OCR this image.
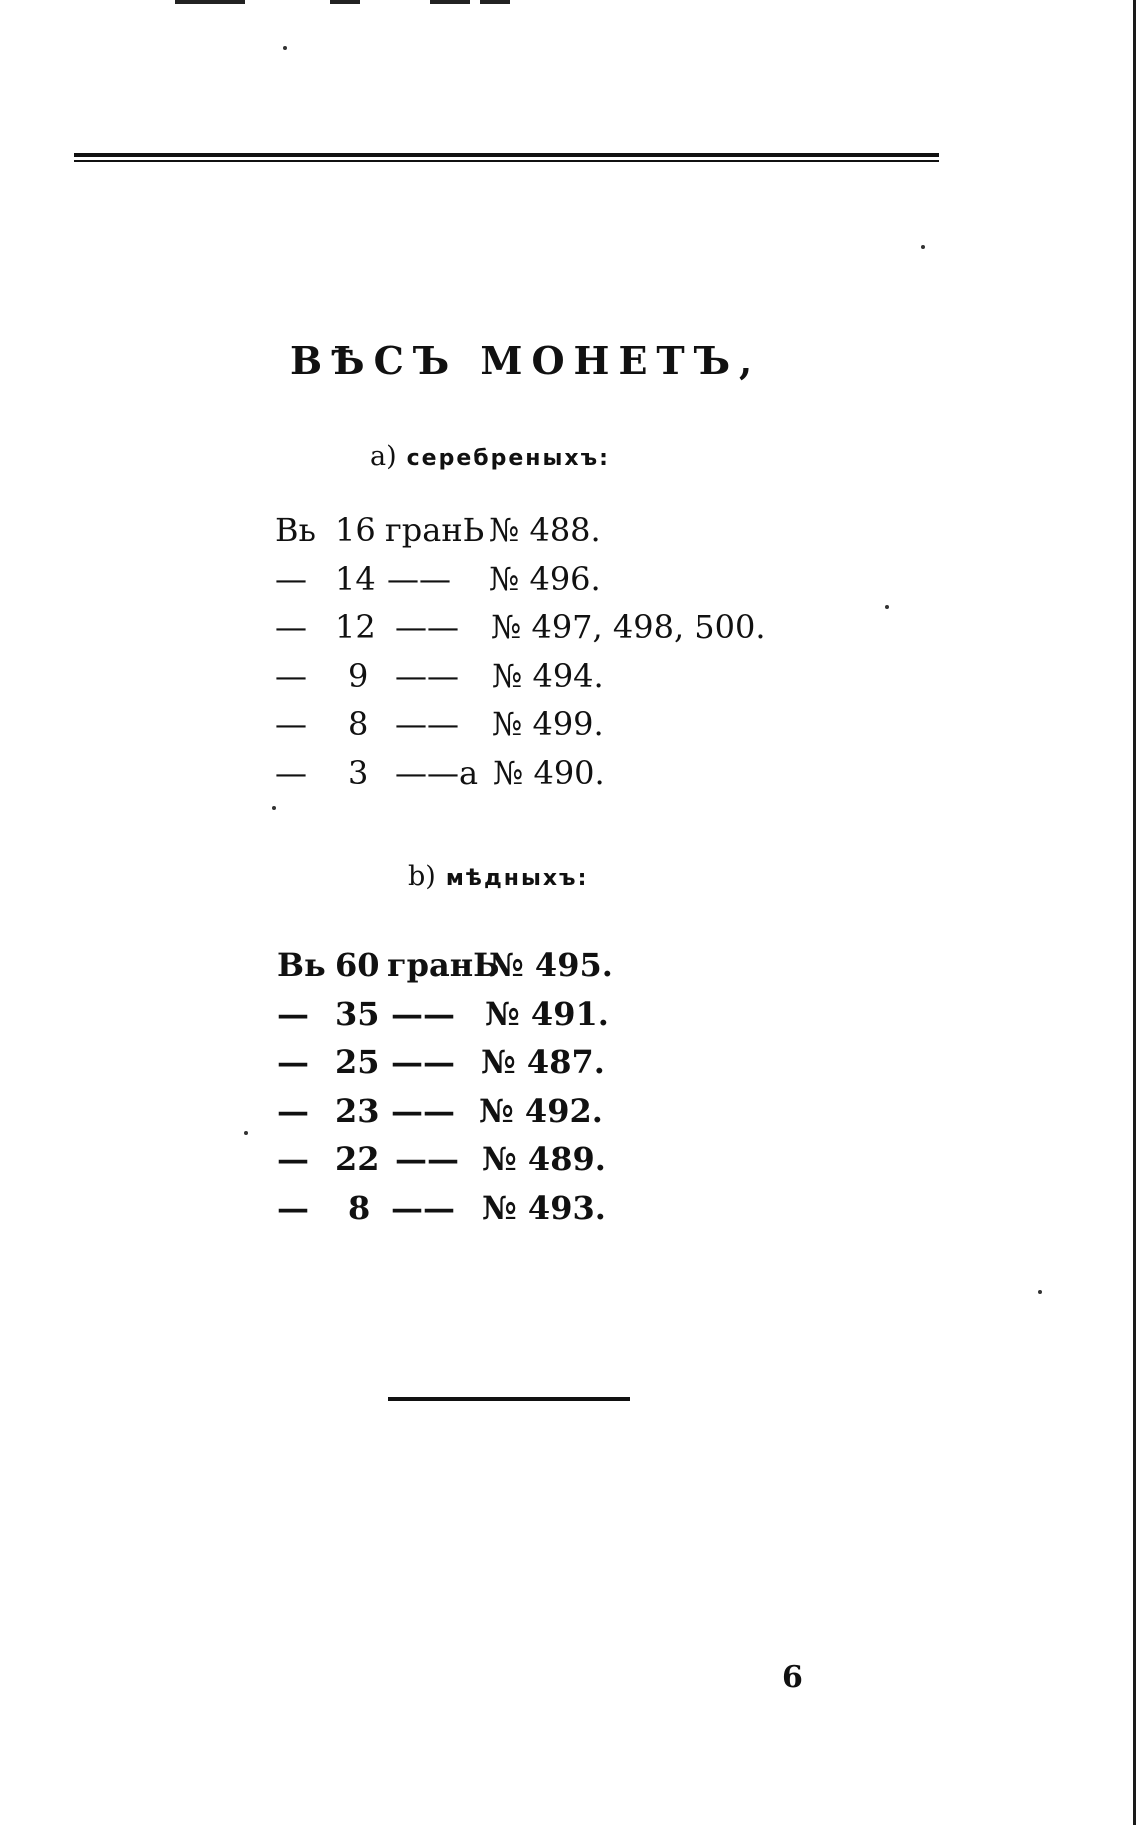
ВѢСЪ МОНЕТЪ,
a) серебреныхъ:
Вь 16 гранЬ № 488.
— 14 —— № 496.
— 12 —— № 497, 498, 500.
— 9 —— № 494.
— 8 —— № 499.
— 3 ——а № 490.
b) мѣдныхъ:
Вь 60 гранЬ
№ 495.
— 35 —— № 491.
— 25 —— № 487.
— 23 —— № 492.
— 22 —— № 489.
— 8 —— № 493.
6
